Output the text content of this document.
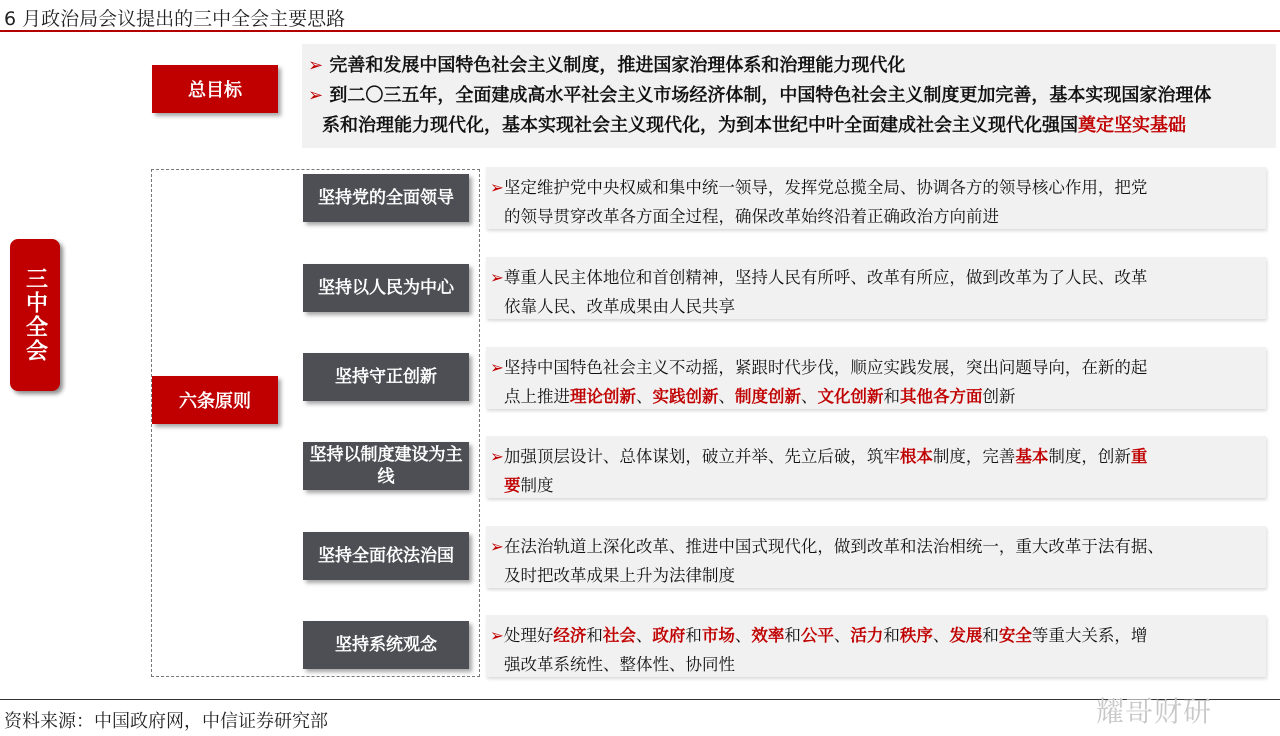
6 月政治局会议提出的三中全会主要思路
三中全会
总目标
➢ 完善和发展中国特色社会主义制度，推进国家治理体系和治理能力现代化
➢ 到二〇三五年，全面建成高水平社会主义市场经济体制，中国特色社会主义制度更加完善，基本实现国家治理体
系和治理能力现代化，基本实现社会主义现代化，为到本世纪中叶全面建成社会主义现代化强国奠定坚实基础
六条原则
坚持党的全面领导
➢坚定维护党中央权威和集中统一领导，发挥党总揽全局、协调各方的领导核心作用，把党
的领导贯穿改革各方面全过程，确保改革始终沿着正确政治方向前进
坚持以人民为中心
➢尊重人民主体地位和首创精神，坚持人民有所呼、改革有所应，做到改革为了人民、改革
依靠人民、改革成果由人民共享
坚持守正创新	➢坚持中国特色社会主义不动摇，紧跟时代步伐，顺应实践发展，突出问题导向，在新的起
点上推进理论创新、实践创新、制度创新、文化创新和其他各方面创新
坚持以制度建设为主线
➢加强顶层设计、总体谋划，破立并举、先立后破，筑牢根本制度，完善基本制度，创新重
要制度
坚持全面依法治国	➢在法治轨道上深化改革、推进中国式现代化，做到改革和法治相统一，重大改革于法有据、
及时把改革成果上升为法律制度
坚持系统观念	➢处理好经济和社会、政府和市场、效率和公平、活力和秩序、发展和安全等重大关系，增
强改革系统性、整体性、协同性
资料来源：中国政府网，中信证券研究部	耀哥财研
